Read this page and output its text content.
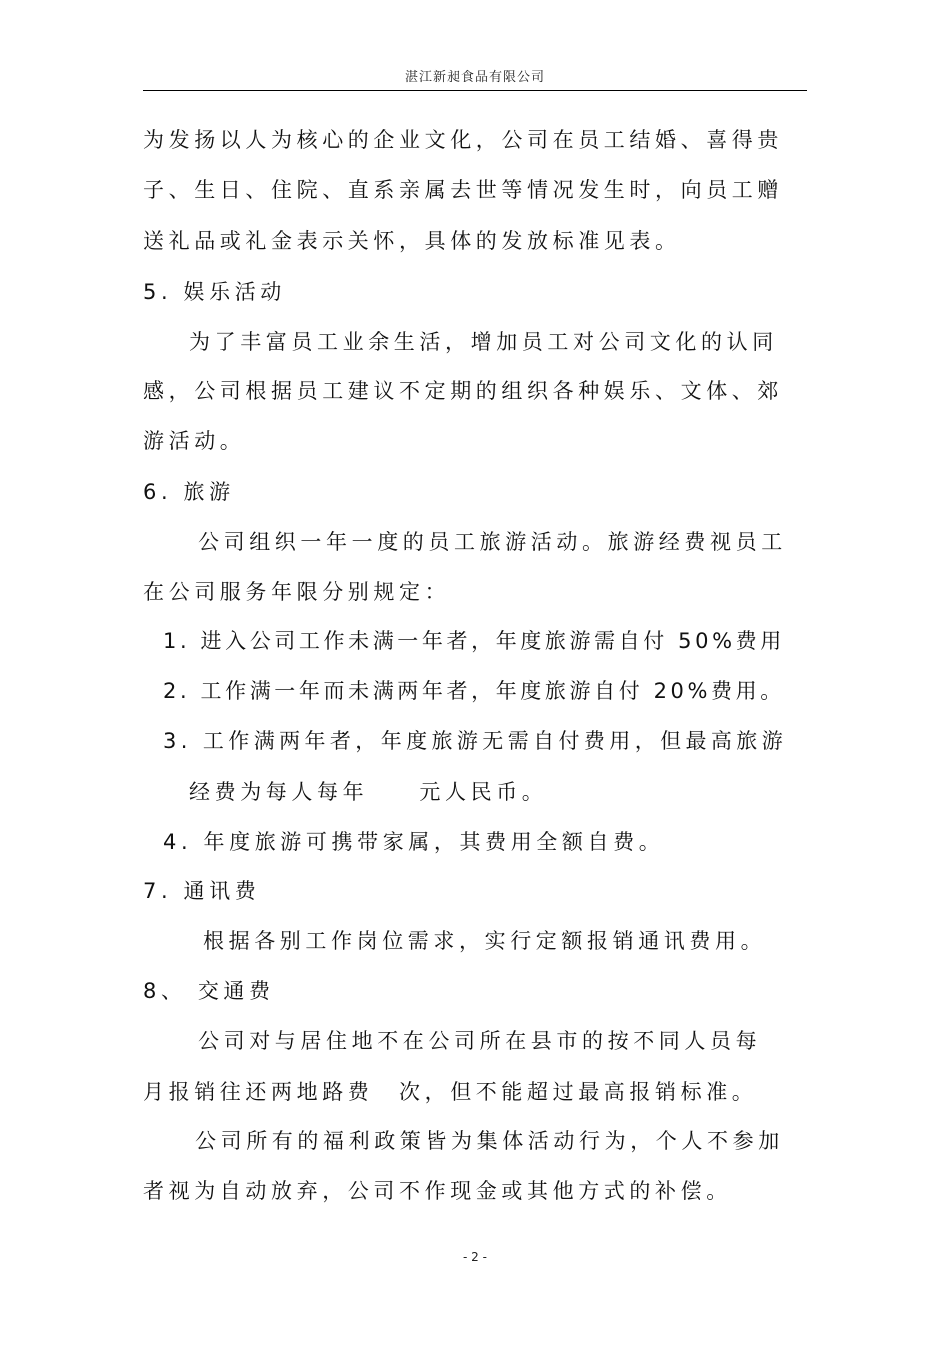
湛江新昶食品有限公司
为发扬以人为核心的企业文化，公司在员工结婚、喜得贵
子、生日、住院、直系亲属去世等情况发生时，向员工赠
送礼品或礼金表示关怀，具体的发放标准见表。
5. 娱乐活动
为了丰富员工业余生活，增加员工对公司文化的认同
感，公司根据员工建议不定期的组织各种娱乐、文体、郊
游活动。
6. 旅游
公司组织一年一度的员工旅游活动。旅游经费视员工
在公司服务年限分别规定：
1. 进入公司工作未满一年者，年度旅游需自付 50%费用
2. 工作满一年而未满两年者，年度旅游自付 20%费用。
3. 工作满两年者，年度旅游无需自付费用，但最高旅游
经费为每人每年　　元人民币。
4. 年度旅游可携带家属，其费用全额自费。
7. 通讯费
根据各别工作岗位需求，实行定额报销通讯费用。
8、 交通费
公司对与居住地不在公司所在县市的按不同人员每
月报销往还两地路费　次，但不能超过最高报销标准。
公司所有的福利政策皆为集体活动行为，个人不参加
者视为自动放弃，公司不作现金或其他方式的补偿。
- 2 -
